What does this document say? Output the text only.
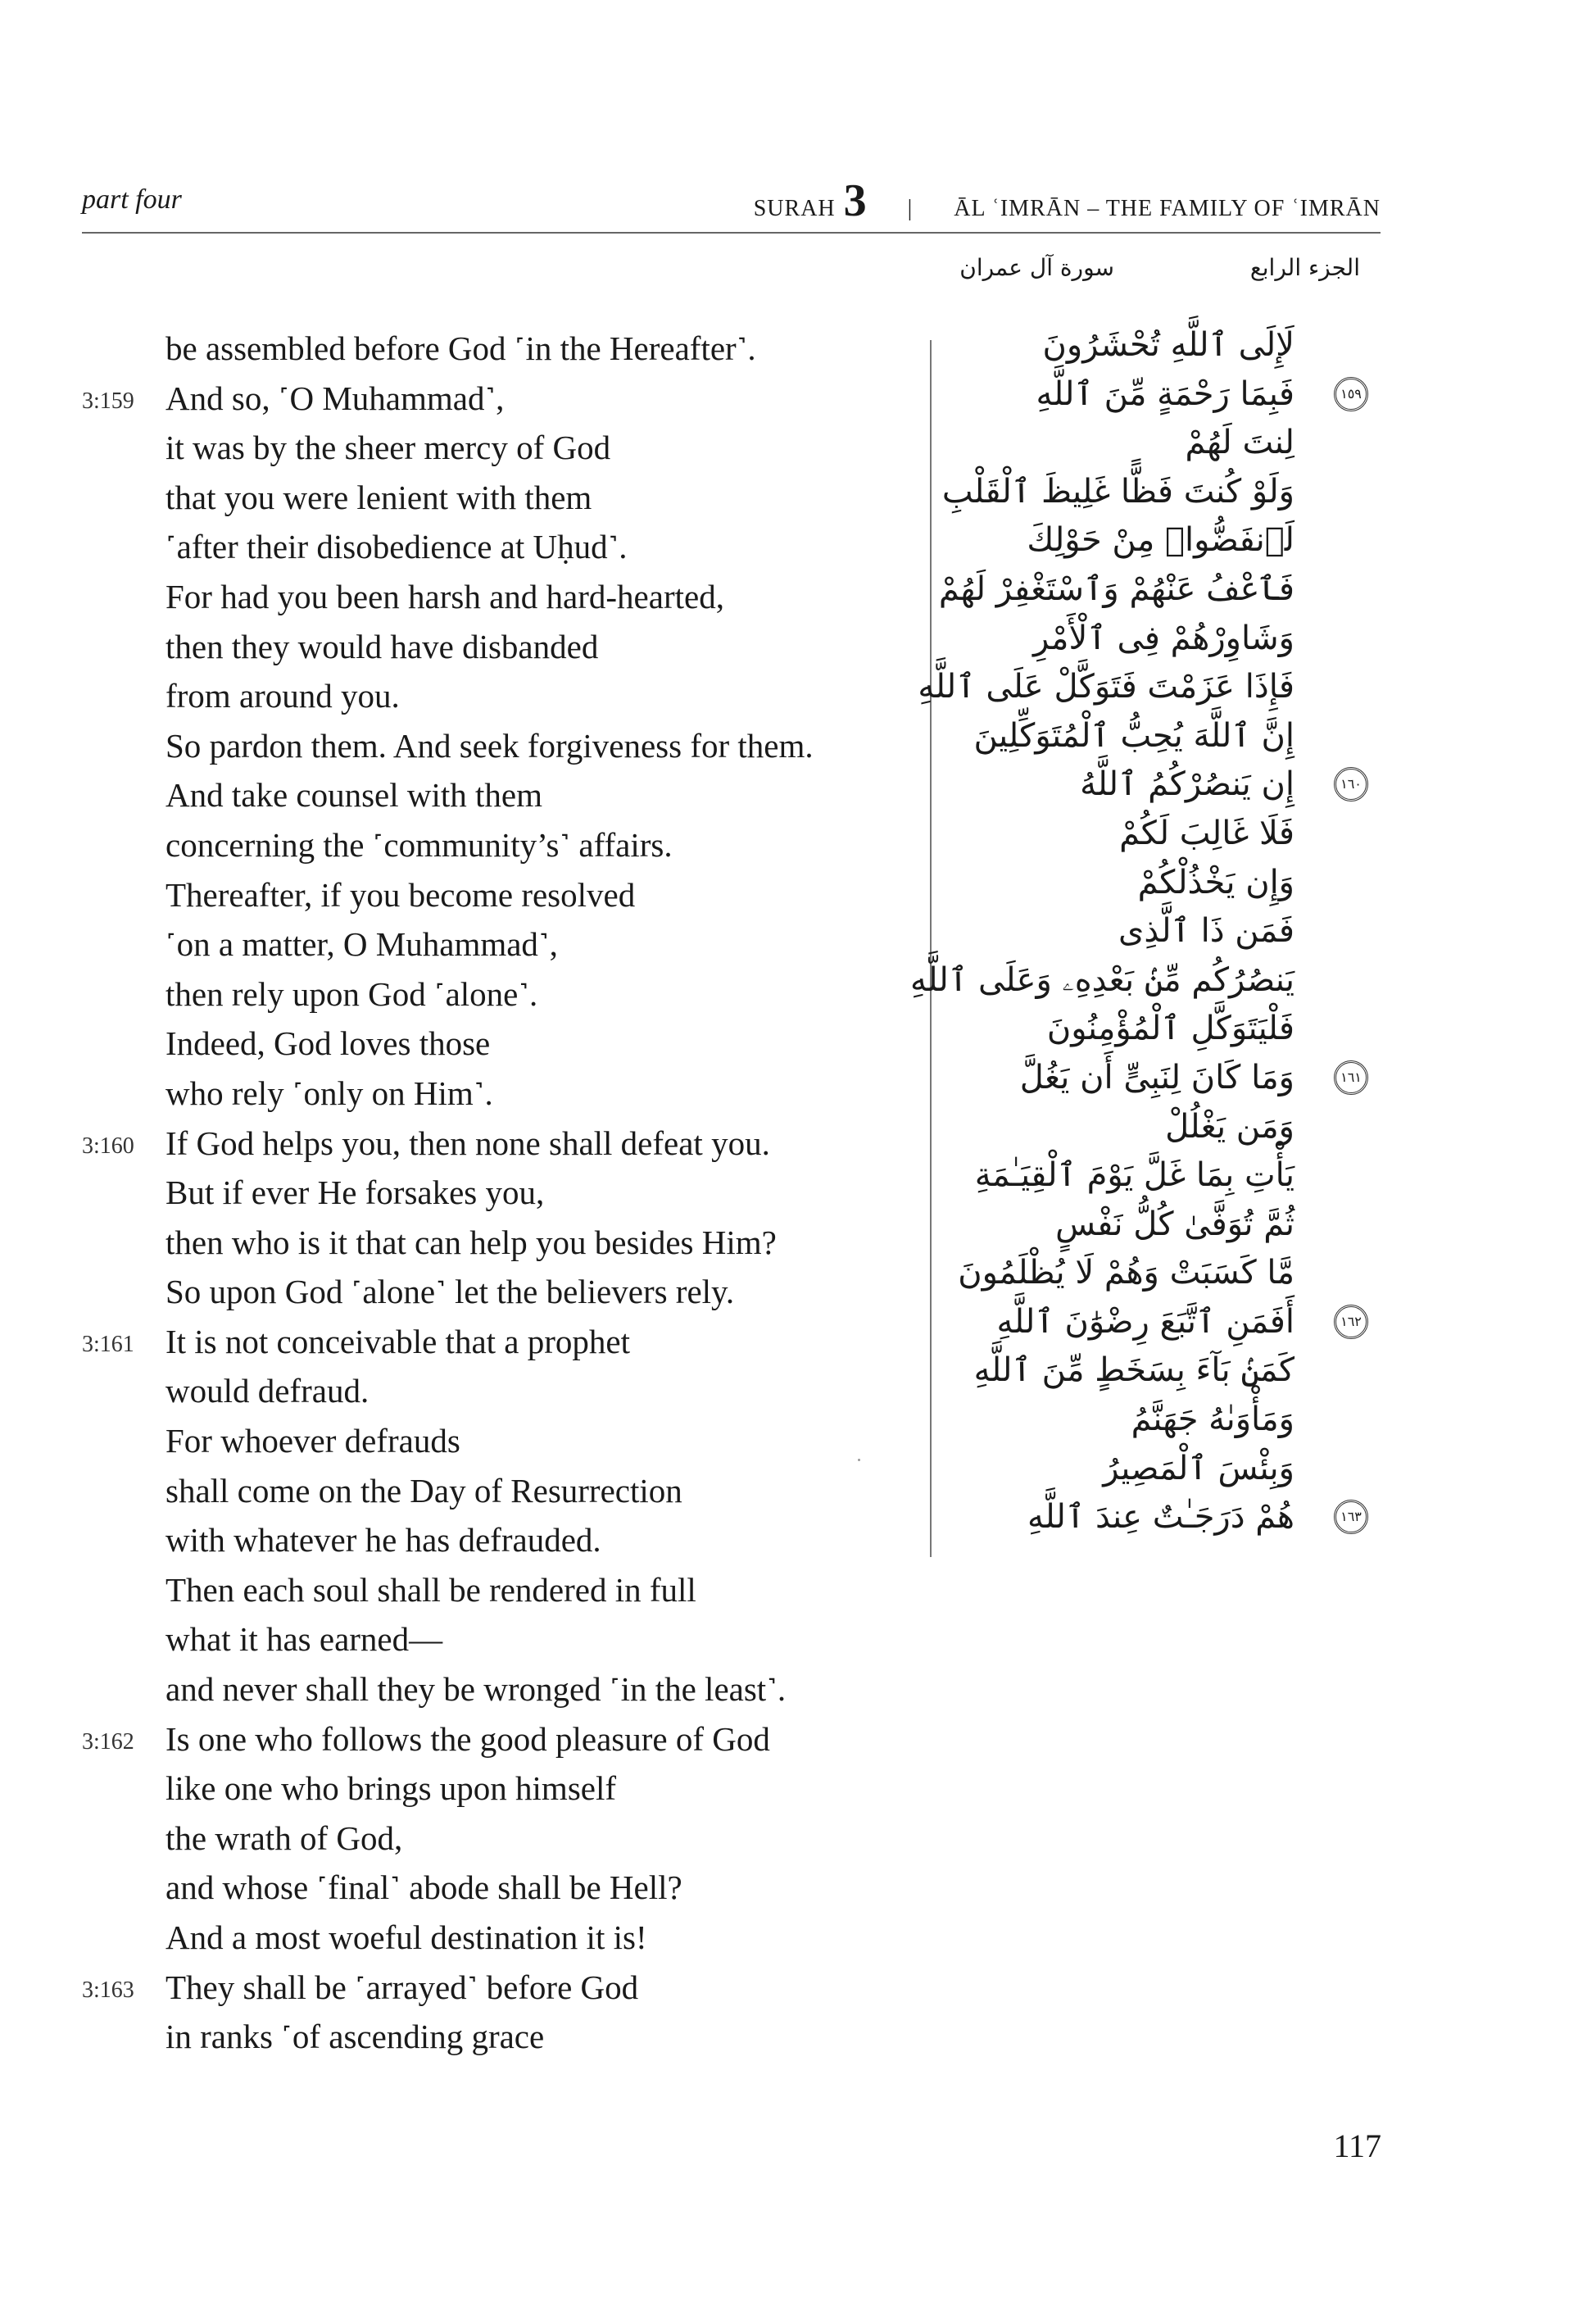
part four	SURAH 3 | ĀL ʿIMRĀN – THE FAMILY OF ʿIMRĀN
الجزء الرابع
سورة آل عمران
be assembled before God ˹in the Hereafter˺.
3:159 And so, ˹O Muhammad˺,
it was by the sheer mercy of God
that you were lenient with them
˹after their disobedience at Uḥud˺.
For had you been harsh and hard-hearted,
then they would have disbanded
from around you.
So pardon them. And seek forgiveness for them.
And take counsel with them
concerning the ˹community’s˺ affairs.
Thereafter, if you become resolved
˹on a matter, O Muhammad˺,
then rely upon God ˹alone˺.
Indeed, God loves those
who rely ˹only on Him˺.
3:160 If God helps you, then none shall defeat you.
But if ever He forsakes you,
then who is it that can help you besides Him?
So upon God ˹alone˺ let the believers rely.
3:161 It is not conceivable that a prophet
would defraud.
For whoever defrauds
shall come on the Day of Resurrection
with whatever he has defrauded.
Then each soul shall be rendered in full
what it has earned—
and never shall they be wronged ˹in the least˺.
3:162 Is one who follows the good pleasure of God
like one who brings upon himself
the wrath of God,
and whose ˹final˺ abode shall be Hell?
And a most woeful destination it is!
3:163 They shall be ˹arrayed˺ before God
in ranks ˹of ascending grace
لَإِلَى ٱللَّهِ تُحْشَرُونَ
١٥٩
فَبِمَا رَحْمَةٍ مِّنَ ٱللَّهِ
لِنتَ لَهُمْ
وَلَوْ كُنتَ فَظًّا غَلِيظَ ٱلْقَلْبِ
لَٱنفَضُّوا۟ مِنْ حَوْلِكَ
فَٱعْفُ عَنْهُمْ وَٱسْتَغْفِرْ لَهُمْ
وَشَاوِرْهُمْ فِى ٱلْأَمْرِ
فَإِذَا عَزَمْتَ فَتَوَكَّلْ عَلَى ٱللَّهِ
إِنَّ ٱللَّهَ يُحِبُّ ٱلْمُتَوَكِّلِينَ
١٦٠
إِن يَنصُرْكُمُ ٱللَّهُ
فَلَا غَالِبَ لَكُمْ
وَإِن يَخْذُلْكُمْ
فَمَن ذَا ٱلَّذِى
يَنصُرُكُم مِّنۢ بَعْدِهِۦ وَعَلَى ٱللَّهِ
فَلْيَتَوَكَّلِ ٱلْمُؤْمِنُونَ
١٦١
وَمَا كَانَ لِنَبِىٍّ أَن يَغُلَّ
وَمَن يَغْلُلْ
يَأْتِ بِمَا غَلَّ يَوْمَ ٱلْقِيَـٰمَةِ
ثُمَّ تُوَفَّىٰ كُلُّ نَفْسٍ
مَّا كَسَبَتْ وَهُمْ لَا يُظْلَمُونَ
١٦٢
أَفَمَنِ ٱتَّبَعَ رِضْوَٰنَ ٱللَّهِ
كَمَنۢ بَآءَ بِسَخَطٍ مِّنَ ٱللَّهِ
وَمَأْوَىٰهُ جَهَنَّمُ
وَبِئْسَ ٱلْمَصِيرُ
١٦٣
هُمْ دَرَجَـٰتٌ عِندَ ٱللَّهِ
117
